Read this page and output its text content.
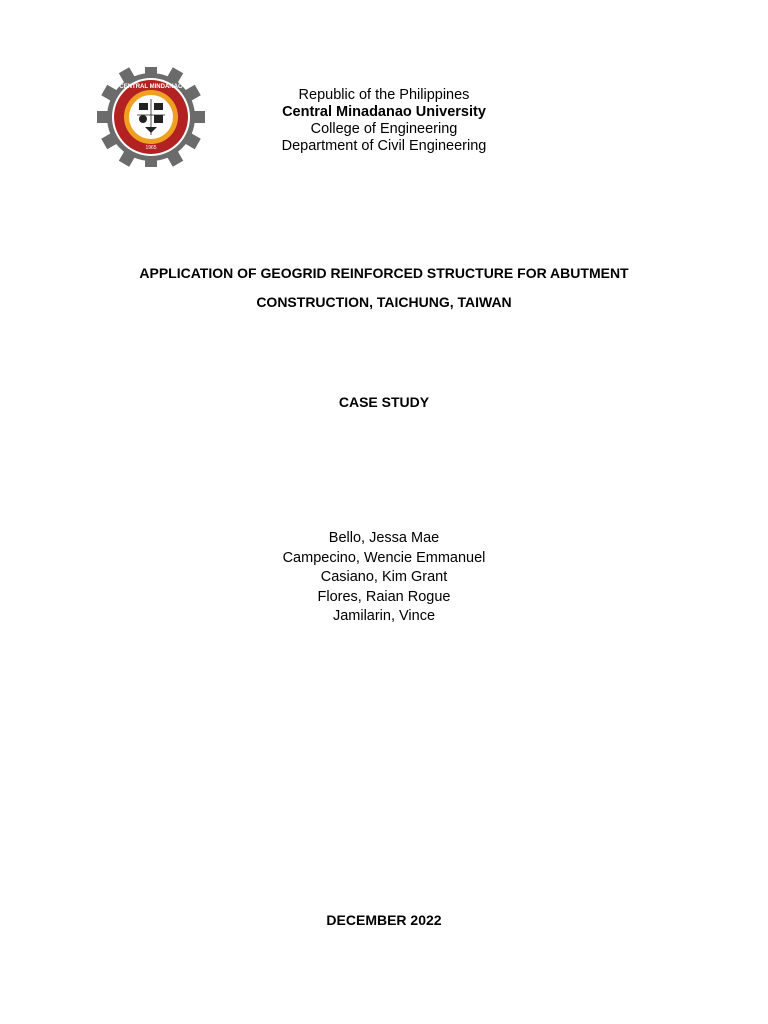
CENTRAL MINDANAO
1965
Republic of the Philippines
Central Minadanao University
College of Engineering
Department of Civil Engineering
APPLICATION OF GEOGRID REINFORCED STRUCTURE FOR ABUTMENT
CONSTRUCTION, TAICHUNG, TAIWAN
CASE STUDY
Bello, Jessa Mae
Campecino, Wencie Emmanuel
Casiano, Kim Grant
Flores, Raian Rogue
Jamilarin, Vince
DECEMBER 2022
